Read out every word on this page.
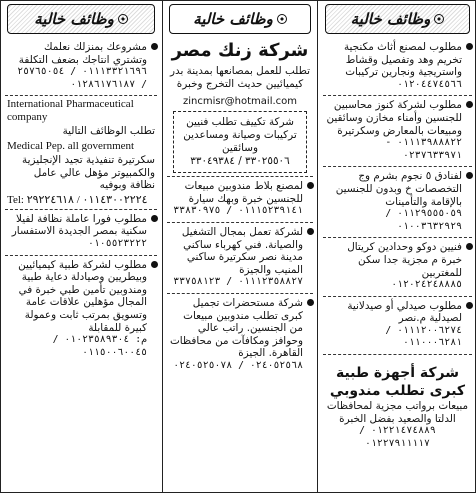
وظائف خالية
مطلوب لمصنع أثاث مكنجية تخريم وهد وتفصيل وقشاط واستريجية ونجارين تركيبات
٠١٢٠٤٤٧٤٥٦٦
مطلوب لشركة كنوز محاسبين للجنسين وأمناء مخازن وسائقين ومبيعات بالمعارض وسكرتيرة
٠١١١٣٩٨٨٨٢٢ - ٠٢٣٧٦٣٣٩٧١
لفنادق ٥ نجوم بشرم وج التخصصات خ وبدون للجنسين بالإقامة والتأمينات
٠١١٢٩٥٥٥٠٥٩ / ٠١٠٠٣٦٣٢٩٢٩
فنيين دوكو وحدادين كريتال خبرة م مجزية جدا سكن للمغتربين
٠١٢٠٢٤٢٤٨٨٨٥
مطلوب صيدلي أو صيدلانية لصيدلية م.نصر
٠١١١٢٠٠٦٢٧٤ / ٠١١٠٠٠٦٢٨١
شركة أجهزة طبية كبرى تطلب مندوبي
مبيعات برواتب مجزية لمحافظات الدلتا والصعيد بفضل الخبرة
٠١٢٢١٤٧٤٨٨٩ / ٠١٢٢٧٩١١١١٧
وظائف خالية
شركة زنك مصر
تطلب للعمل بمصانعها بمدينة بدر كيميائيين حديث التخرج وخبرة
zincmisr@hotmail.com
شركة تكييف تطلب فنيين تركيبات وصيانة ومساعدين وسائقين
٣٣٠٢٥٥٠٦ / ٣٣٠٤٩٣٨٤
لمصنع بلاط مندوبين مبيعات للجنسين خبرة وبهك سيارة
٠١١١٥٢٣٩١٤١ / ٣٣٨٣٠٩٧٥
لشركة تعمل بمجال التشغيل والصيانة. فني كهرباء ساكني مدينة نصر سكرتيرة ساكني المنيب والجيزة
٠١١١٢٣٥٨٨٢٧ / ٣٣٧٥٨١٢٣
شركة مستحضرات تجميل كبرى تطلب مندوبين مبيعات من الجنسين. راتب عالي وحوافز ومكافآت من محافظات القاهرة. الجيزة
٠٢٤٠٥٢٥٦٨ / ٠٢٤٠٥٢٥٠٧٨
وظائف خالية
مشروعك بمنزلك نعلمك وتشتري انتاجك بضعف التكلفة
٠١١١٣٣٢١٦٩٦ / ٢٥٧٦٥٠٥٤ / ٠١٢٨٦١٧٦١٨٧
International Pharmaceutical company
تطلب الوظائف التالية
Medical Pep. all government
سكرتيرة تنفيذية تجيد الإنجليزية والكمبيوتر مؤهل عالي عامل نظافة وبوفيه
Tel: ٠١١٤٣٠٠٢٢٢٤ / ٢٩٢٢٤٦١٨
مطلوب فورا عاملة نظافة لفيلا سكنية بمصر الجديدة الاستفسار
٠١٠٥٥٢٣٢٢٢
مطلوب لشركة طبية كيميائيين وبيطريين وصيادلة دعاية طبية ومندوبين تأمين طبي خبرة في المجال مؤهلين علاقات عامة وتسويق بمرتب ثابت وعمولة كبيرة للمقابلة
م: ٠١٠٢٣٥٨٩٣٠٤ / ٠١١٥٠٠٦٠٠٤٥
